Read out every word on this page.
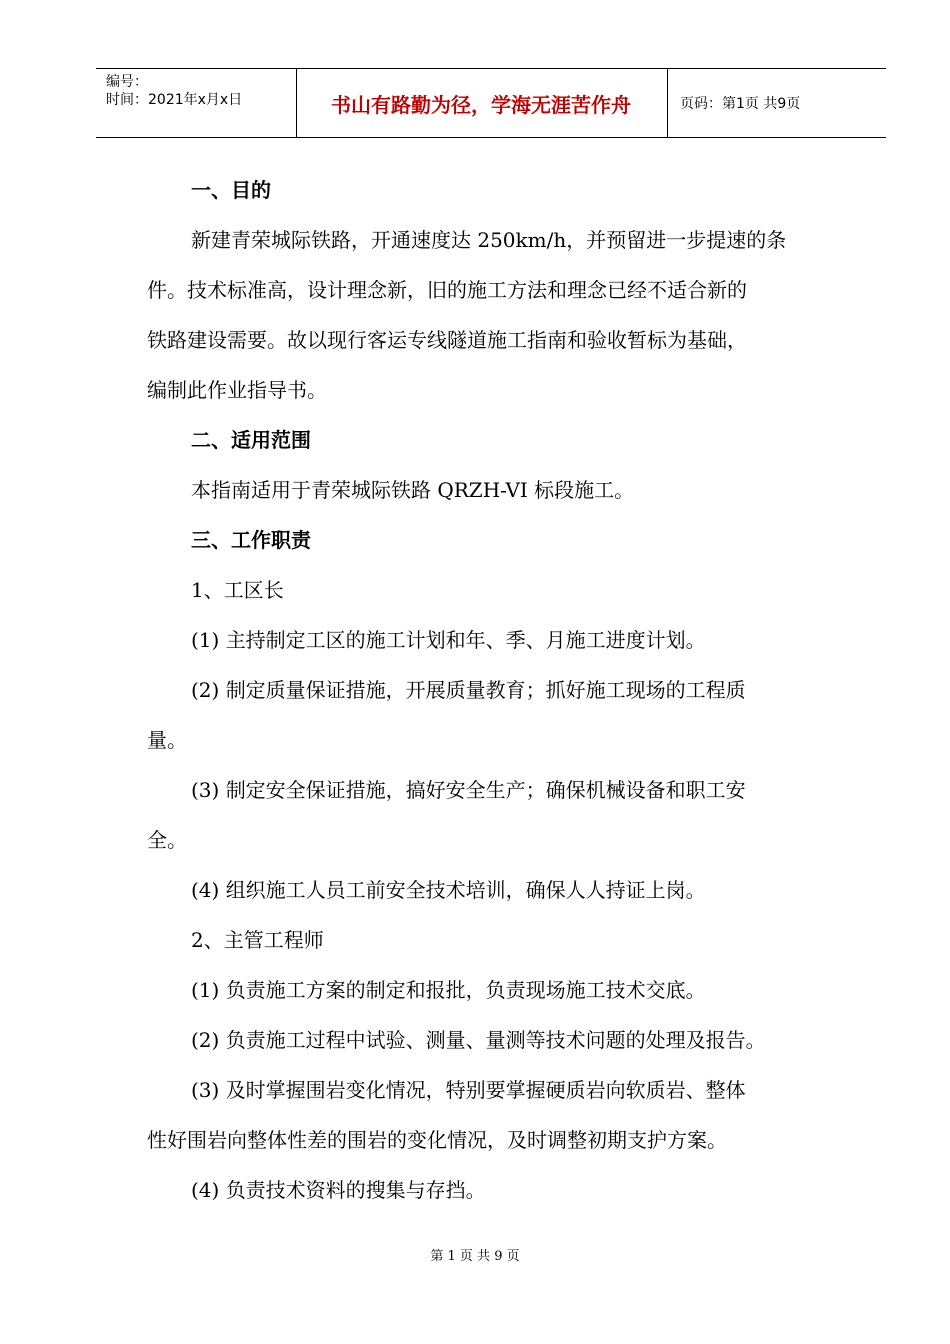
编号：
时间：2021年x月x日	书山有路勤为径，学海无涯苦作舟	页码：第1页 共9页
一、目的
新建青荣城际铁路，开通速度达 250km/h，并预留进一步提速的条
件。技术标准高，设计理念新，旧的施工方法和理念已经不适合新的
铁路建设需要。故以现行客运专线隧道施工指南和验收暂标为基础，
编制此作业指导书。
二、适用范围
本指南适用于青荣城际铁路 QRZH-VI 标段施工。
三、工作职责
1、工区长
(1) 主持制定工区的施工计划和年、季、月施工进度计划。
(2) 制定质量保证措施，开展质量教育；抓好施工现场的工程质
量。
(3) 制定安全保证措施，搞好安全生产；确保机械设备和职工安
全。
(4) 组织施工人员工前安全技术培训，确保人人持证上岗。
2、主管工程师
(1) 负责施工方案的制定和报批，负责现场施工技术交底。
(2) 负责施工过程中试验、测量、量测等技术问题的处理及报告。
(3) 及时掌握围岩变化情况，特别要掌握硬质岩向软质岩、整体
性好围岩向整体性差的围岩的变化情况，及时调整初期支护方案。
(4) 负责技术资料的搜集与存挡。
第 1 页 共 9 页
